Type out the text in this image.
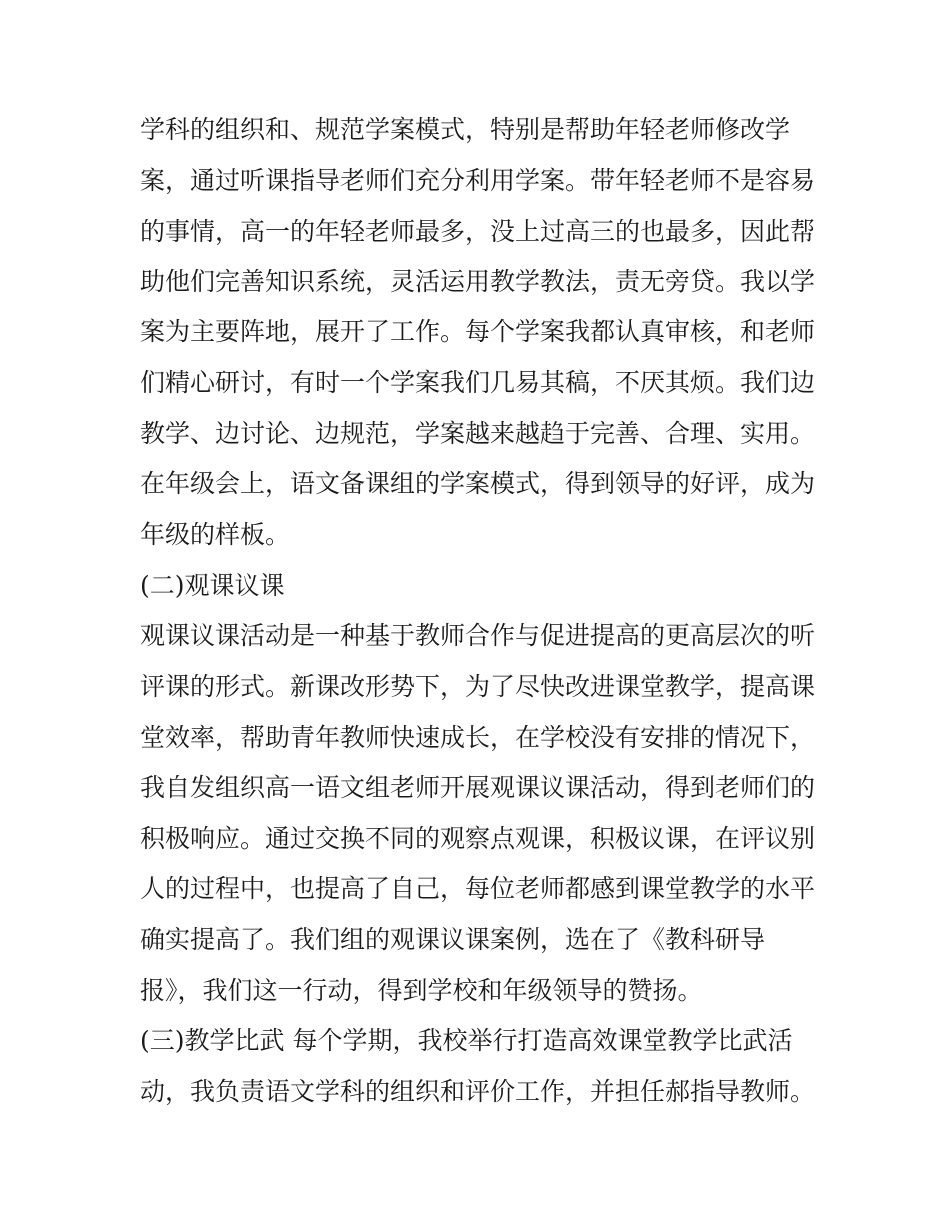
学科的组织和、规范学案模式，特别是帮助年轻老师修改学

案，通过听课指导老师们充分利用学案。带年轻老师不是容易

的事情，高一的年轻老师最多，没上过高三的也最多，因此帮

助他们完善知识系统，灵活运用教学教法，责无旁贷。我以学

案为主要阵地，展开了工作。每个学案我都认真审核，和老师

们精心研讨，有时一个学案我们几易其稿，不厌其烦。我们边

教学、边讨论、边规范，学案越来越趋于完善、合理、实用。

在年级会上，语文备课组的学案模式，得到领导的好评，成为

年级的样板。

(二)观课议课

观课议课活动是一种基于教师合作与促进提高的更高层次的听

评课的形式。新课改形势下，为了尽快改进课堂教学，提高课

堂效率，帮助青年教师快速成长，在学校没有安排的情况下，

我自发组织高一语文组老师开展观课议课活动，得到老师们的

积极响应。通过交换不同的观察点观课，积极议课，在评议别

人的过程中，也提高了自己，每位老师都感到课堂教学的水平

确实提高了。我们组的观课议课案例，选在了《教科研导

报》，我们这一行动，得到学校和年级领导的赞扬。

(三)教学比武 每个学期，我校举行打造高效课堂教学比武活

动，我负责语文学科的组织和评价工作，并担任郝指导教师。
